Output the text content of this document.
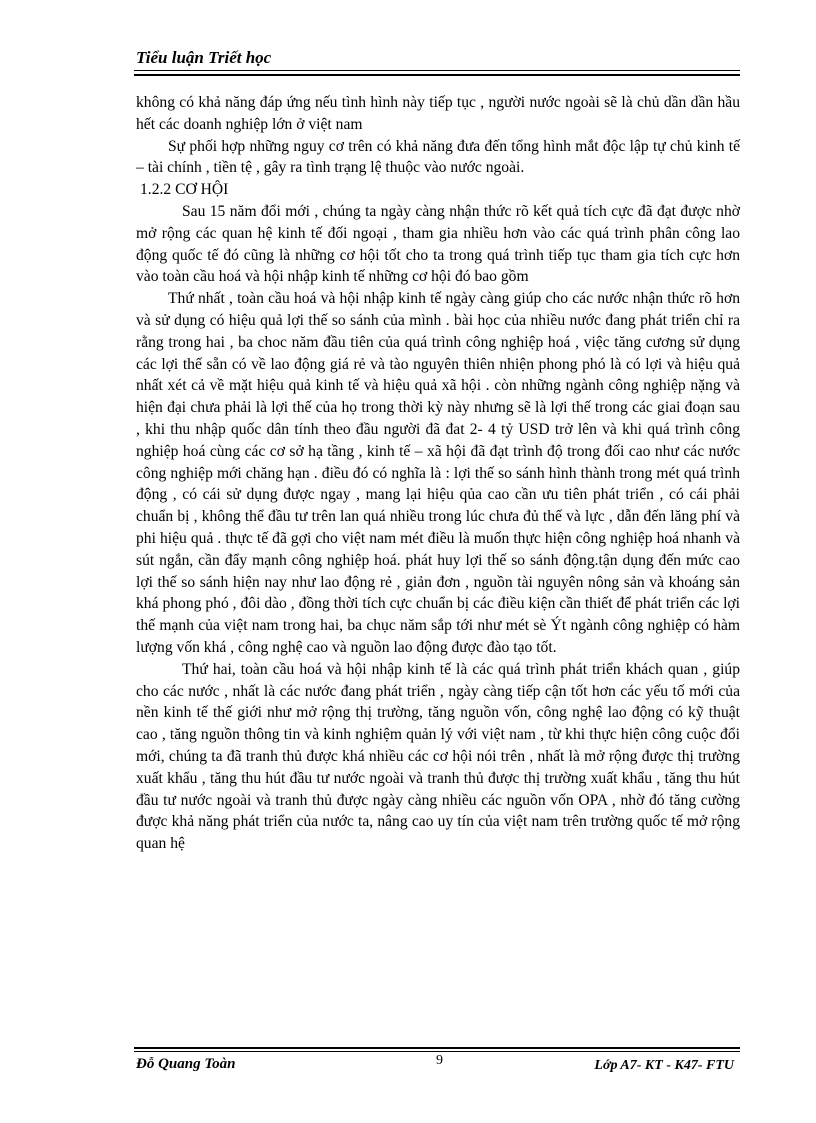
Tiểu luận Triết học

không có khả năng đáp ứng nếu tình hình này tiếp tục , người nước ngoài sẽ là chủ dần dần hầu hết các doanh nghiệp lớn ở việt nam

Sự phối hợp những nguy cơ trên có khả năng đưa đến tổng hình mắt độc lập tự chủ kinh tế – tài chính , tiền tệ , gây ra tình trạng lệ thuộc vào nước ngoài.

1.2.2 CƠ HỘI

Sau 15 năm đổi mới , chúng ta ngày càng nhận thức rõ kết quả tích cực đã đạt được nhờ mở rộng các quan hệ kinh tế đối ngoại , tham gia nhiều hơn vào các quá trình phân công lao động quốc tế đó cũng là những cơ hội tốt cho ta trong quá trình tiếp tục tham gia tích cực hơn vào toàn cầu hoá và hội nhập kinh tế những cơ hội đó bao gồm

Thứ nhất , toàn cầu hoá và hội nhập kinh tế ngày càng giúp cho các nước nhận thức rõ hơn và sử dụng có hiệu quả lợi thế so sánh của mình . bài học của nhiều nước đang phát triển chỉ ra rằng trong hai , ba choc năm đầu tiên của quá trình công nghiệp hoá , việc tăng cương sử dụng các lợi thế sẵn có về lao động giá rẻ và tào nguyên thiên nhiện phong phó là có lợi và hiệu quả nhất xét cả về mặt hiệu quả kinh tế và hiệu quả xã hội . còn những ngành công nghiệp nặng và hiện đại chưa phải là lợi thế của họ trong thời kỳ này nhưng sẽ là lợi thế trong các giai đoạn sau , khi thu nhập quốc dân tính theo đầu người đã đat 2- 4 tỷ USD trở lên và khi quá trình công nghiệp hoá cùng các cơ sở hạ tầng , kinh tế – xã hội đã đạt trình độ trong đối cao như các nước công nghiệp mới chăng hạn . điều đó có nghĩa là : lợi thế so sánh hình thành trong mét quá trình động , có cái sử dụng được ngay , mang lại hiệu qủa cao cần ưu tiên phát triển , có cái phải chuẩn bị , không thể đầu tư trên lan quá nhiều trong lúc chưa đủ thế và lực , dẫn đến lăng phí và phi hiệu quả . thực tế đã gợi cho việt nam mét điều là muốn thực hiện công nghiệp hoá nhanh và sút ngắn, cần đẩy mạnh công nghiệp hoá. phát huy lợi thế so sánh động.tận dụng đến mức cao lợi thế so sánh hiện nay như lao động rẻ , giản đơn , nguồn tài nguyên nông sản và khoáng sản khá phong phó , đôi dào , đồng thời tích cực chuẩn bị các điều kiện cần thiết để phát triển các lợi thế mạnh của việt nam trong hai, ba chục năm sắp tới như mét sè Ýt ngành công nghiệp có hàm lượng vốn khá , công nghệ cao và nguồn lao động được đào tạo tốt.

Thứ hai, toàn cầu hoá và hội nhập kinh tế là các quá trình phát triển khách quan , giúp cho các nước , nhất là các nước đang phát triển , ngày càng tiếp cận tốt hơn các yếu tố mới của nền kinh tế thế giới như mở rộng thị trường, tăng nguồn vốn, công nghệ lao động có kỹ thuật cao , tăng nguồn thông tin và kinh nghiệm quản lý với việt nam , từ khi thực hiện công cuộc đổi mới, chúng ta đã tranh thủ được khá nhiều các cơ hội nói trên , nhất là mở rộng được thị trường xuất khẩu , tăng thu hút đầu tư nước ngoài và tranh thủ được thị trường xuất khẩu , tăng thu hút đầu tư nước ngoài và tranh thủ được ngày càng nhiều các nguồn vốn OPA , nhờ đó tăng cường được khả năng phát triển của nước ta, nâng cao uy tín của việt nam trên trường quốc tế mở rộng quan hệ

Đỗ Quang Toàn	9	Lớp A7- KT - K47- FTU
